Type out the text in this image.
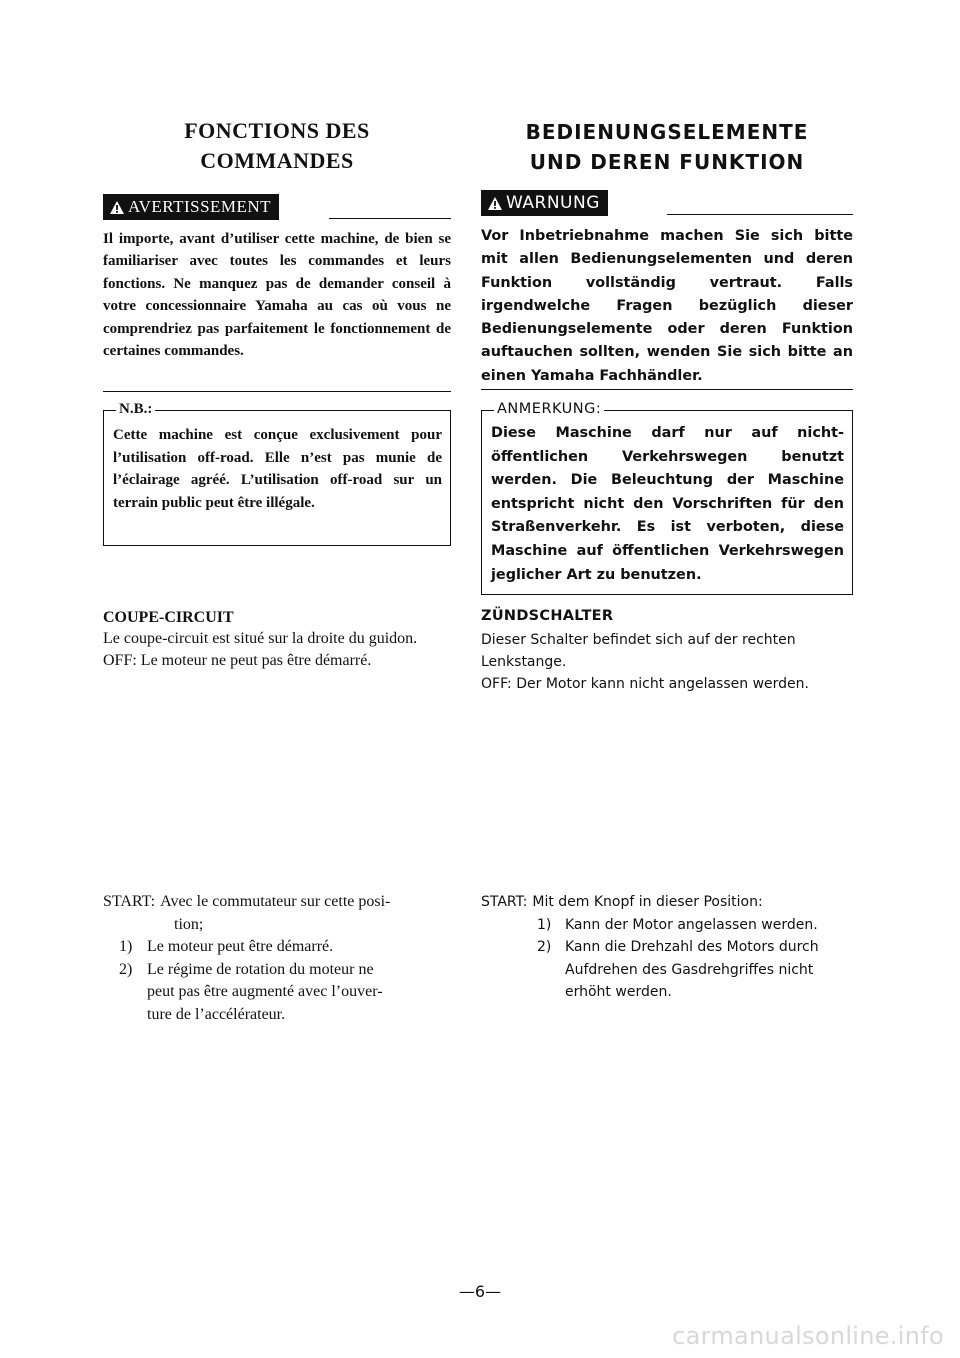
FONCTIONS DES
COMMANDES
AVERTISSEMENT

Il importe, avant d’utiliser cette machine, de bien se familiariser avec toutes les commandes et leurs fonctions. Ne manquez pas de demander conseil à votre concessionnaire Yamaha au cas où vous ne comprendriez pas parfaitement le fonctionnement de certaines commandes.

N.B.:

Cette machine est conçue exclusivement pour l’utilisation off-road. Elle n’est pas munie de l’éclairage agréé. L’utilisation off-road sur un terrain public peut être illégale.

COUPE-CIRCUIT
Le coupe-circuit est situé sur la droite du guidon.
OFF: Le moteur ne peut pas être démarré.
START: Avec le commutateur sur cette posi-
tion;
1) Le moteur peut être démarré.
2) Le régime de rotation du moteur ne
peut pas être augmenté avec l’ouver-
ture de l’accélérateur.
BEDIENUNGSELEMENTE
UND DEREN FUNKTION
WARNUNG

Vor Inbetriebnahme machen Sie sich bitte mit allen Bedienungselementen und deren Funktion vollständig vertraut. Falls irgendwelche Fragen bezüglich dieser Bedienungselemente oder deren Funktion auftauchen sollten, wenden Sie sich bitte an einen Yamaha Fachhändler.

ANMERKUNG:

Diese Maschine darf nur auf nicht-öffentlichen Verkehrswegen benutzt werden. Die Beleuchtung der Maschine entspricht nicht den Vorschriften für den Straßenverkehr. Es ist verboten, diese Maschine auf öffentlichen Verkehrswegen jeglicher Art zu benutzen.

ZÜNDSCHALTER
Dieser Schalter befindet sich auf der rechten Lenkstange.
OFF: Der Motor kann nicht angelassen werden.
START: Mit dem Knopf in dieser Position:
1) Kann der Motor angelassen werden.
2) Kann die Drehzahl des Motors durch
Aufdrehen des Gasdrehgriffes nicht
erhöht werden.
—6—
carmanualsonline.info
